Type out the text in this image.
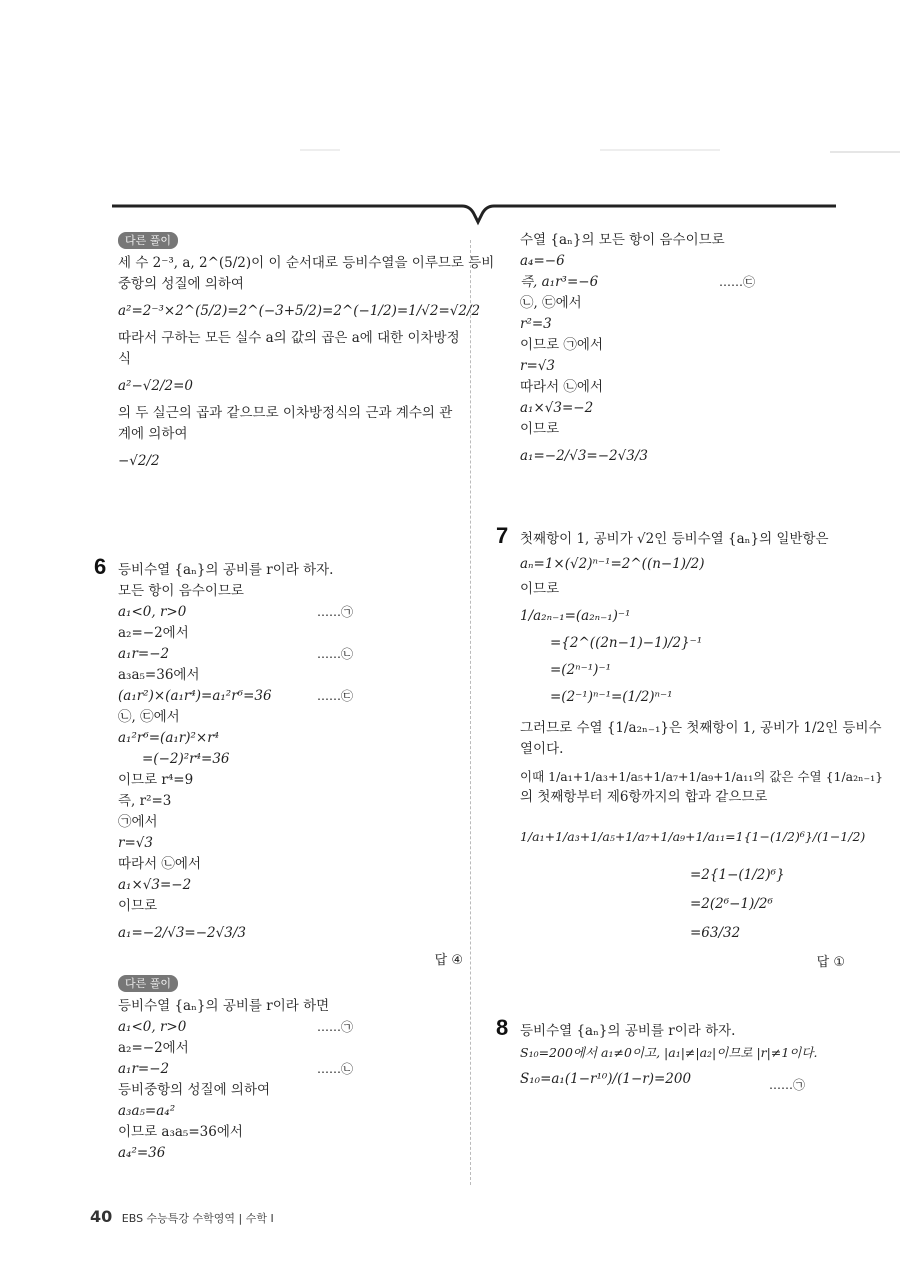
다른 풀이

세 수 2⁻³, a, 2^(5/2)이 이 순서대로 등비수열을 이루므로 등비

중항의 성질에 의하여

a²=2⁻³×2^(5/2)=2^(−3+5/2)=2^(−1/2)=1/√2=√2/2

따라서 구하는 모든 실수 a의 값의 곱은 a에 대한 이차방정

식

a²−√2/2=0

의 두 실근의 곱과 같으므로 이차방정식의 근과 계수의 관

계에 의하여

−√2/2

6 등비수열 {aₙ}의 공비를 r이라 하자.

모든 항이 음수이므로

a₁<0, r>0	……㉠

a₂=−2에서

a₁r=−2	……㉡

a₃a₅=36에서

(a₁r²)×(a₁r⁴)=a₁²r⁶=36	……㉢

㉡, ㉢에서

a₁²r⁶=(a₁r)²×r⁴

=(−2)²r⁴=36

이므로 r⁴=9

즉, r²=3

㉠에서

r=√3

따라서 ㉡에서

a₁×√3=−2

이므로

a₁=−2/√3=−2√3/3

답 ④
다른 풀이

등비수열 {aₙ}의 공비를 r이라 하면

a₁<0, r>0	……㉠

a₂=−2에서

a₁r=−2	……㉡

등비중항의 성질에 의하여

a₃a₅=a₄²

이므로 a₃a₅=36에서

a₄²=36

수열 {aₙ}의 모든 항이 음수이므로

a₄=−6

즉, a₁r³=−6	……㉢

㉡, ㉢에서

r²=3

이므로 ㉠에서

r=√3

따라서 ㉡에서

a₁×√3=−2

이므로

a₁=−2/√3=−2√3/3

7 첫째항이 1, 공비가 √2인 등비수열 {aₙ}의 일반항은

aₙ=1×(√2)ⁿ⁻¹=2^((n−1)/2)

이므로

1/a₂ₙ₋₁=(a₂ₙ₋₁)⁻¹

={2^((2n−1)−1)/2}⁻¹

=(2ⁿ⁻¹)⁻¹

=(2⁻¹)ⁿ⁻¹=(1/2)ⁿ⁻¹

그러므로 수열 {1/a₂ₙ₋₁}은 첫째항이 1, 공비가 1/2인 등비수

열이다.

이때 1/a₁+1/a₃+1/a₅+1/a₇+1/a₉+1/a₁₁의 값은 수열 {1/a₂ₙ₋₁}

의 첫째항부터 제6항까지의 합과 같으므로

1/a₁+1/a₃+1/a₅+1/a₇+1/a₉+1/a₁₁=1{1−(1/2)⁶}/(1−1/2)

=2{1−(1/2)⁶}

=2(2⁶−1)/2⁶

=63/32

답 ①
8 등비수열 {aₙ}의 공비를 r이라 하자.

S₁₀=200에서 a₁≠0이고, |a₁|≠|a₂|이므로 |r|≠1이다.

S₁₀=a₁(1−r¹⁰)/(1−r)=200	……㉠
40 EBS 수능특강 수학영역 | 수학 Ⅰ
